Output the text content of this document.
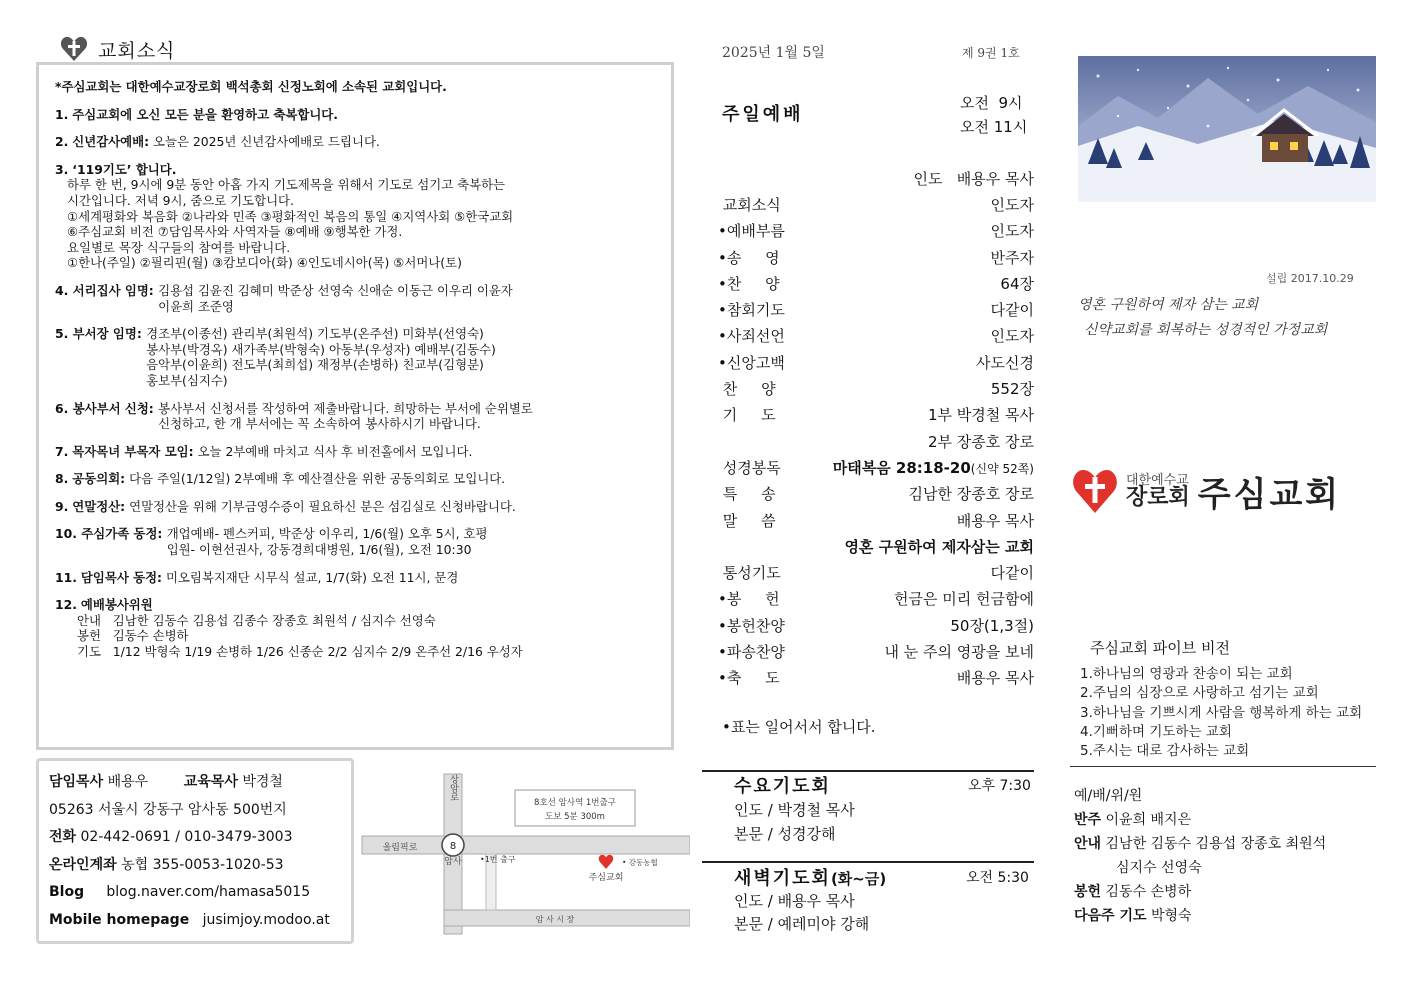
교회소식
*주심교회는 대한예수교장로회 백석총회 신정노회에 소속된 교회입니다.
1. 주심교회에 오신 모든 분을 환영하고 축복합니다.
2. 신년감사예배: 오늘은 2025년 신년감사예배로 드립니다.
3. ‘119기도’ 합니다.
하루 한 번, 9시에 9분 동안 아홉 가지 기도제목을 위해서 기도로 섬기고 축복하는
시간입니다. 저녁 9시, 줌으로 기도합니다.
①세계평화와 복음화 ②나라와 민족 ③평화적인 복음의 통일 ④지역사회 ⑤한국교회
⑥주심교회 비전 ⑦담임목사와 사역자들 ⑧예배 ⑨행복한 가정.
요일별로 목장 식구들의 참여를 바랍니다.
①한나(주일) ②필리핀(월) ③캄보디아(화) ④인도네시아(목) ⑤서머나(토)
4. 서리집사 임명: 김용섭 김윤진 김혜미 박준상 선영숙 신애순 이동근 이우리 이윤자
이윤희 조준영
5. 부서장 임명: 경조부(이종선) 관리부(최원석) 기도부(온주선) 미화부(선영숙)
봉사부(박경옥) 새가족부(박형숙) 아동부(우성자) 예배부(김동수)
음악부(이윤희) 전도부(최희섭) 재정부(손병하) 친교부(김형분)
홍보부(심지수)
6. 봉사부서 신청: 봉사부서 신청서를 작성하여 제출바랍니다. 희망하는 부서에 순위별로
신청하고, 한 개 부서에는 꼭 소속하여 봉사하시기 바랍니다.
7. 목자목녀 부목자 모임: 오늘 2부예배 마치고 식사 후 비전홀에서 모입니다.
8. 공동의회: 다음 주일(1/12일) 2부예배 후 예산결산을 위한 공동의회로 모입니다.
9. 연말정산: 연말정산을 위해 기부금영수증이 필요하신 분은 섬김실로 신청바랍니다.
10. 주심가족 동정: 개업예배- 펜스커피, 박준상 이우리, 1/6(월) 오후 5시, 호평
입원- 이현선권사, 강동경희대병원, 1/6(월), 오전 10:30
11. 담임목사 동정: 미오림복지재단 시무식 설교, 1/7(화) 오전 11시, 문경
12. 예배봉사위원
안내   김남한 김동수 김용섭 김종수 장종호 최원석 / 심지수 선영숙
봉헌   김동수 손병하
기도   1/12 박형숙 1/19 손병하 1/26 신종순 2/2 심지수 2/9 온주선 2/16 우성자
담임목사 배용우	교육목사 박경철
05263 서울시 강동구 암사동 500번지
전화 02-442-0691 / 010-3479-3003
온라인계좌 농협 355-0053-1020-53
Blog blog.naver.com/hamasa5015
Mobile homepage jusimjoy.modoo.at
상암로
올림픽로	8
암사 •1번 출구
8호선 암사역 1번출구
도보 5분 300m
• 강동농협
주심교회
암 사 시 장
2025년 1월 5일	제 9권 1호
주일예배
오전  9시
오전 11시
인도   배용우 목사
교회소식	인도자
•예배부름	인도자
•송     영	반주자
•찬     양	64장
•참회기도	다같이
•사죄선언	인도자
•신앙고백	사도신경
찬     양	552장
기     도	1부 박경철 목사
2부 장종호 장로
성경봉독	마태복음 28:18-20(신약 52쪽)
특     송	김남한 장종호 장로
말     씀	배용우 목사
영혼 구원하여 제자삼는 교회
통성기도	다같이
•봉     헌	헌금은 미리 헌금함에
•봉헌찬양	50장(1,3절)
•파송찬양	내 눈 주의 영광을 보네
•축     도	배용우 목사
•표는 일어서서 합니다.
수요기도회	오후 7:30
인도 / 박경철 목사
본문 / 성경강해
새벽기도회(화~금)	오전 5:30
인도 / 배용우 목사
본문 / 예레미야 강해
설립 2017.10.29
영혼 구원하여 제자 삼는 교회
신약교회를 회복하는 성경적인 가정교회
대한예수교
장로회 주심교회
주심교회 파이브 비전
1.하나님의 영광과 찬송이 되는 교회
2.주님의 심장으로 사랑하고 섬기는 교회
3.하나님을 기쁘시게 사람을 행복하게 하는 교회
4.기뻐하며 기도하는 교회
5.주시는 대로 감사하는 교회
예/배/위/원
반주 이윤희 배지은
안내 김남한 김동수 김용섭 장종호 최원석
심지수 선영숙
봉헌 김동수 손병하
다음주 기도 박형숙
